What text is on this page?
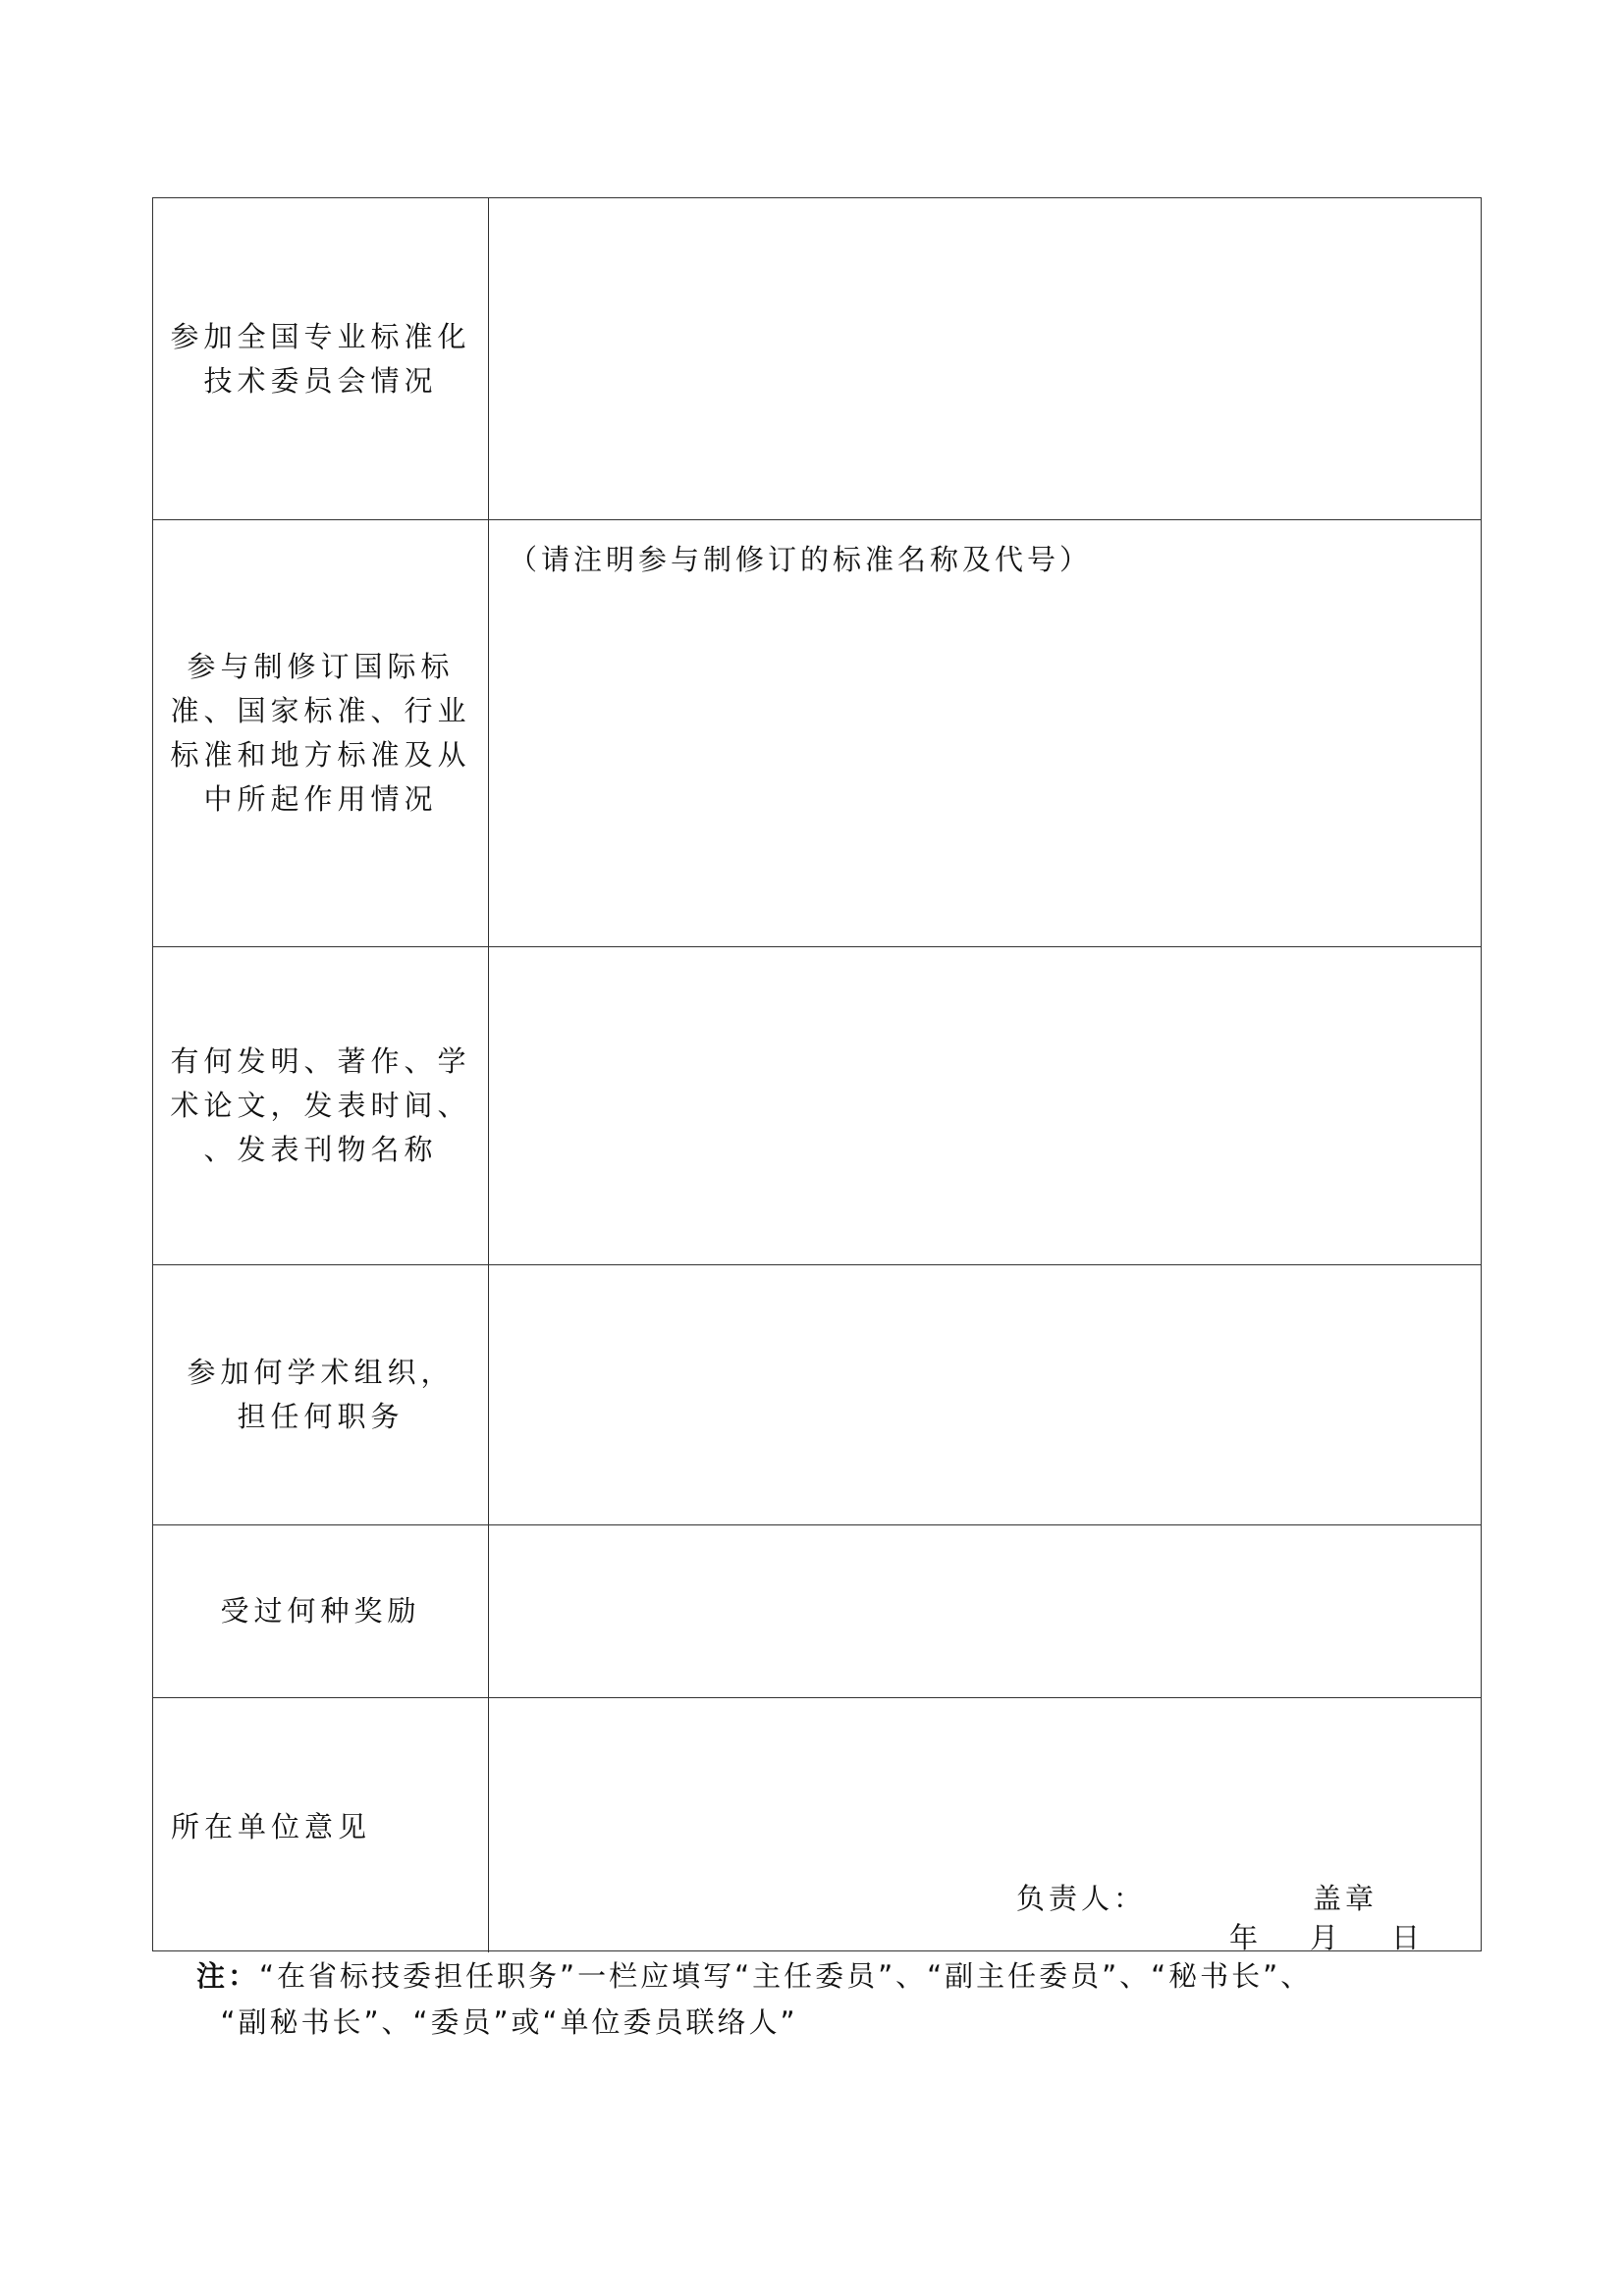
参加全国专业标准化
技术委员会情况
参与制修订国际标
准、国家标准、行业
标准和地方标准及从
中所起作用情况
（请注明参与制修订的标准名称及代号）
有何发明、著作、学
术论文，发表时间、
、发表刊物名称
参加何学术组织，
担任何职务
受过何种奖励
所在单位意见
负责人：	盖章
年 月 日
注：“在省标技委担任职务”一栏应填写“主任委员”、“副主任委员”、“秘书长”、
“副秘书长”、“委员”或“单位委员联络人”
